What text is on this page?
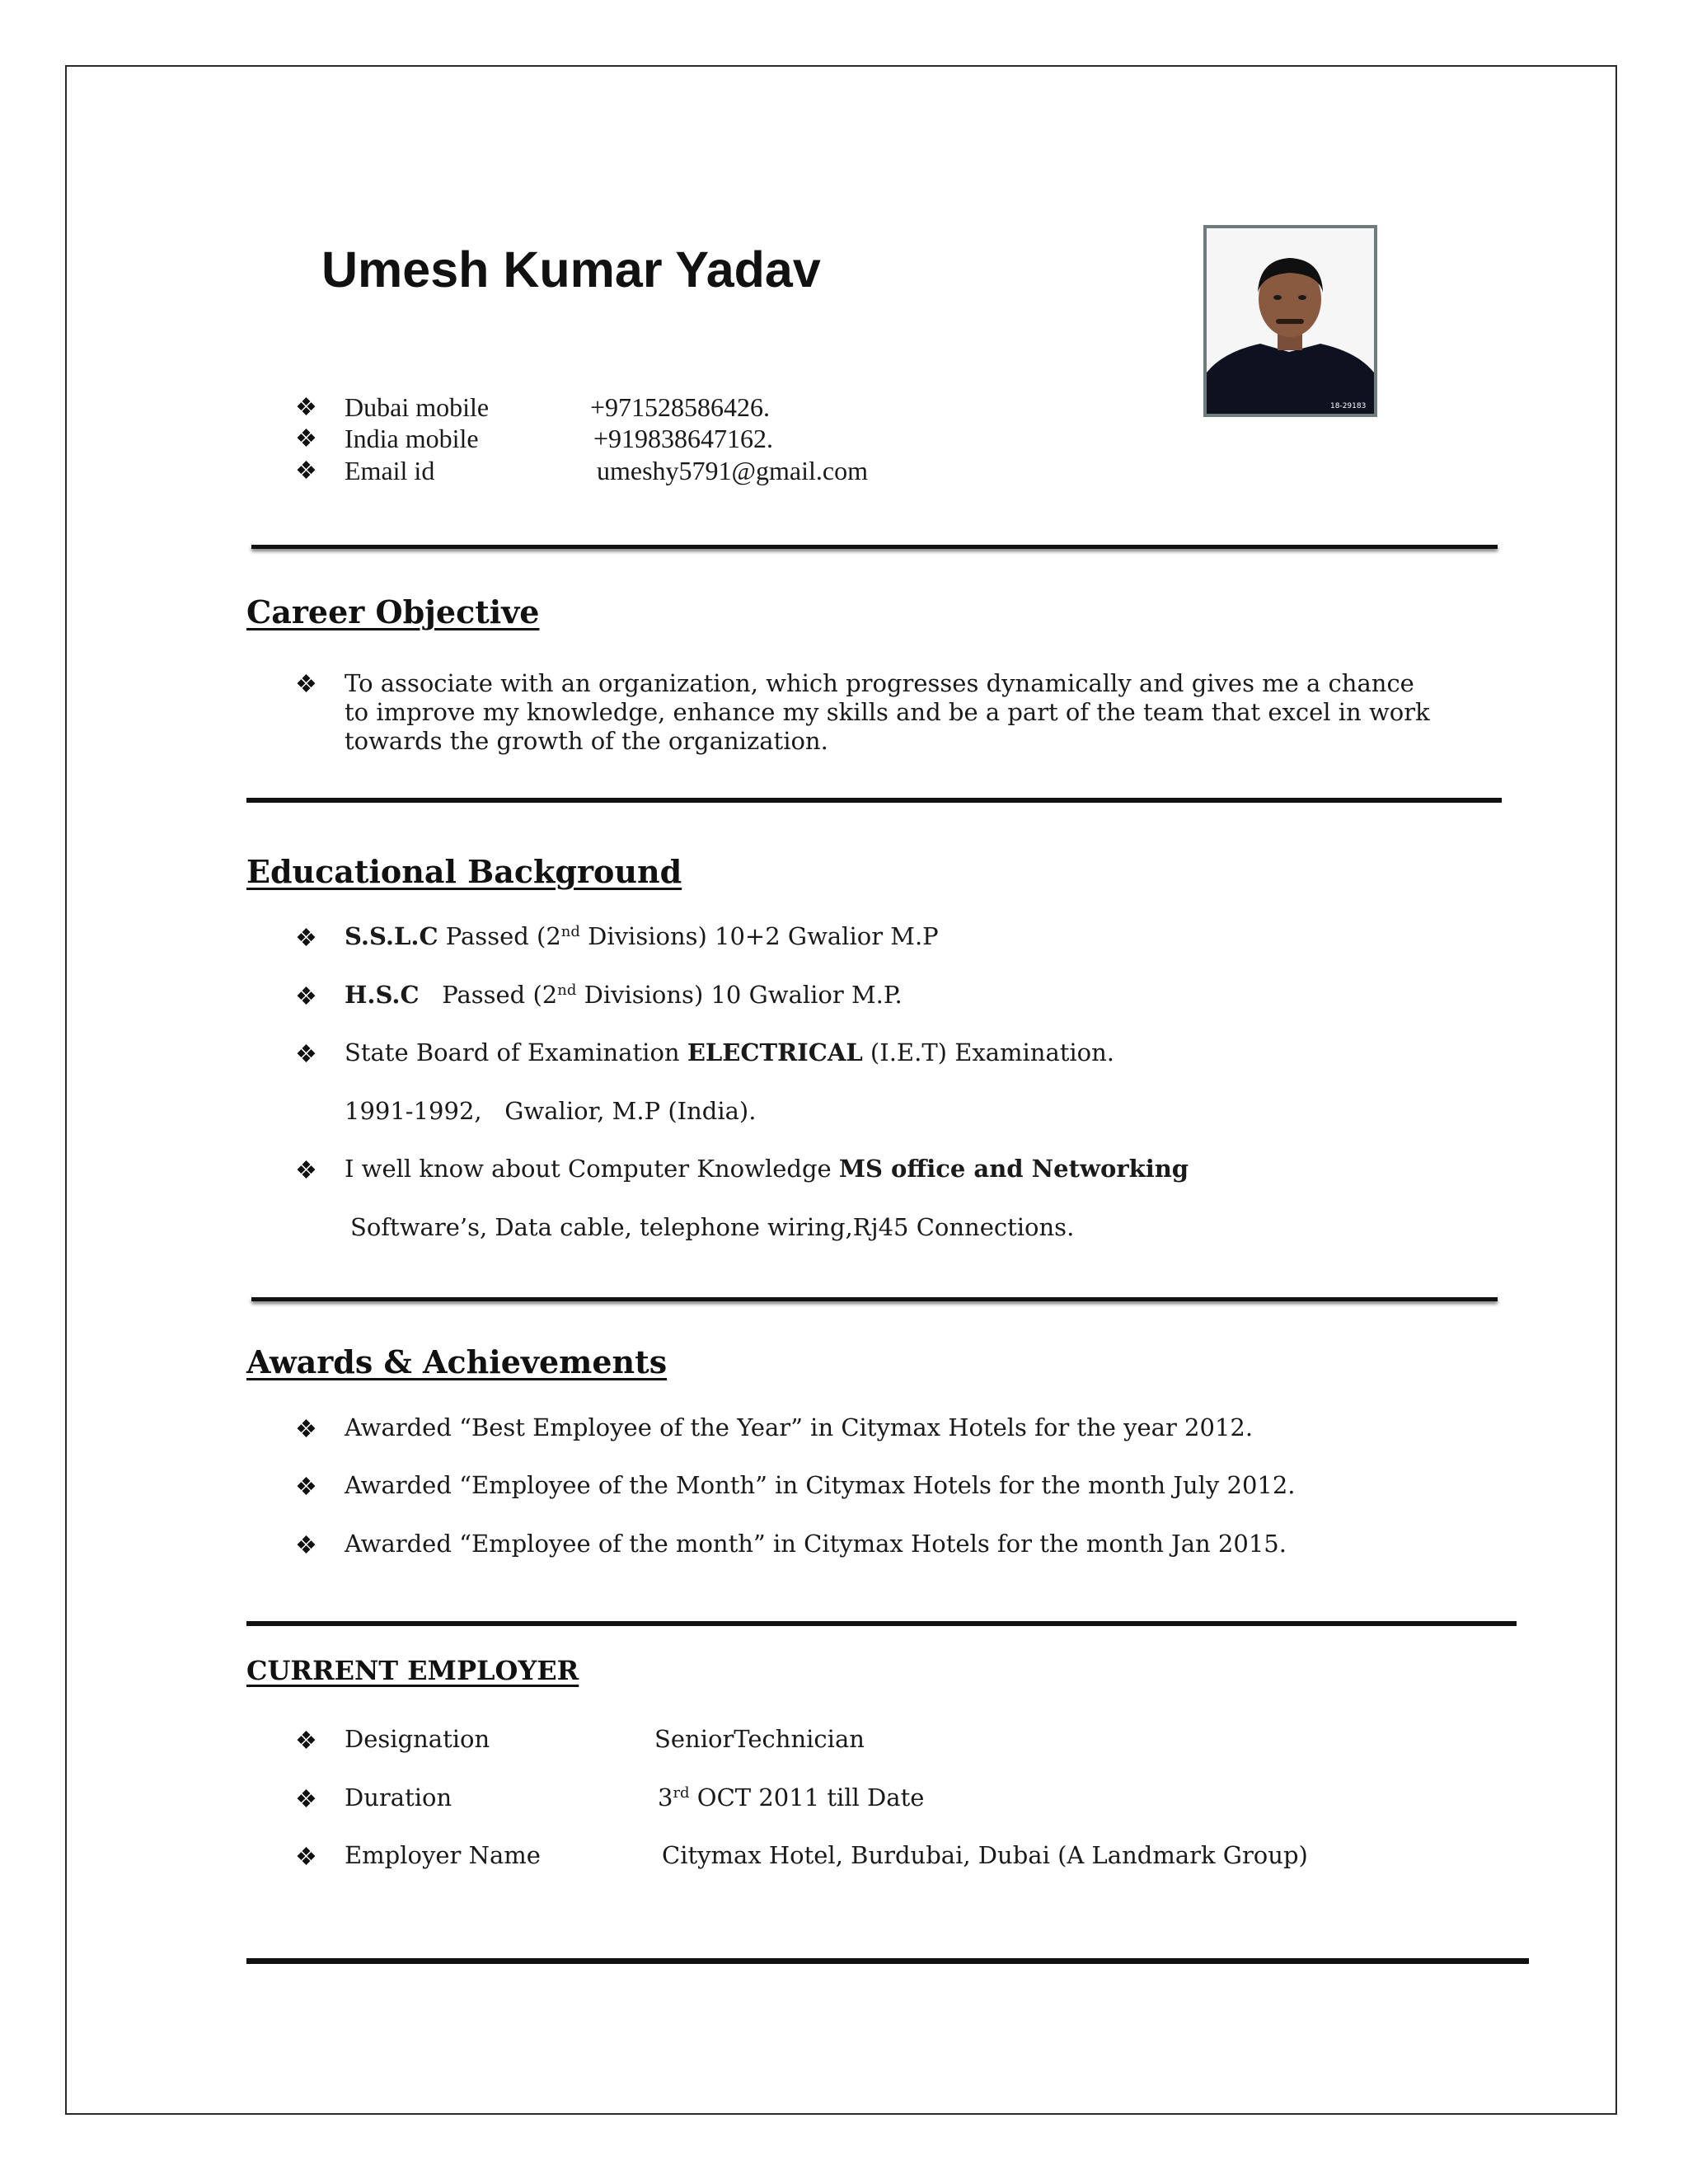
Umesh Kumar Yadav
18-29183
❖ Dubai mobile	+971528586426.
❖ India mobile	+919838647162.
❖ Email id	umeshy5791@gmail.com
Career Objective
❖ To associate with an organization, which progresses dynamically and gives me a chance
to improve my knowledge, enhance my skills and be a part of the team that excel in work
towards the growth of the organization.
Educational Background
❖ S.S.L.C Passed (2nd Divisions) 10+2 Gwalior M.P
❖ H.S.C   Passed (2nd Divisions) 10 Gwalior M.P.
❖ State Board of Examination ELECTRICAL (I.E.T) Examination.
1991-1992,   Gwalior, M.P (India).
❖ I well know about Computer Knowledge MS office and Networking
Software’s, Data cable, telephone wiring,Rj45 Connections.
Awards & Achievements
❖ Awarded “Best Employee of the Year” in Citymax Hotels for the year 2012.
❖ Awarded “Employee of the Month” in Citymax Hotels for the month July 2012.
❖ Awarded “Employee of the month” in Citymax Hotels for the month Jan 2015.
CURRENT EMPLOYER
❖ Designation	SeniorTechnician
❖ Duration	3rd OCT 2011 till Date
❖ Employer Name	Citymax Hotel, Burdubai, Dubai (A Landmark Group)
